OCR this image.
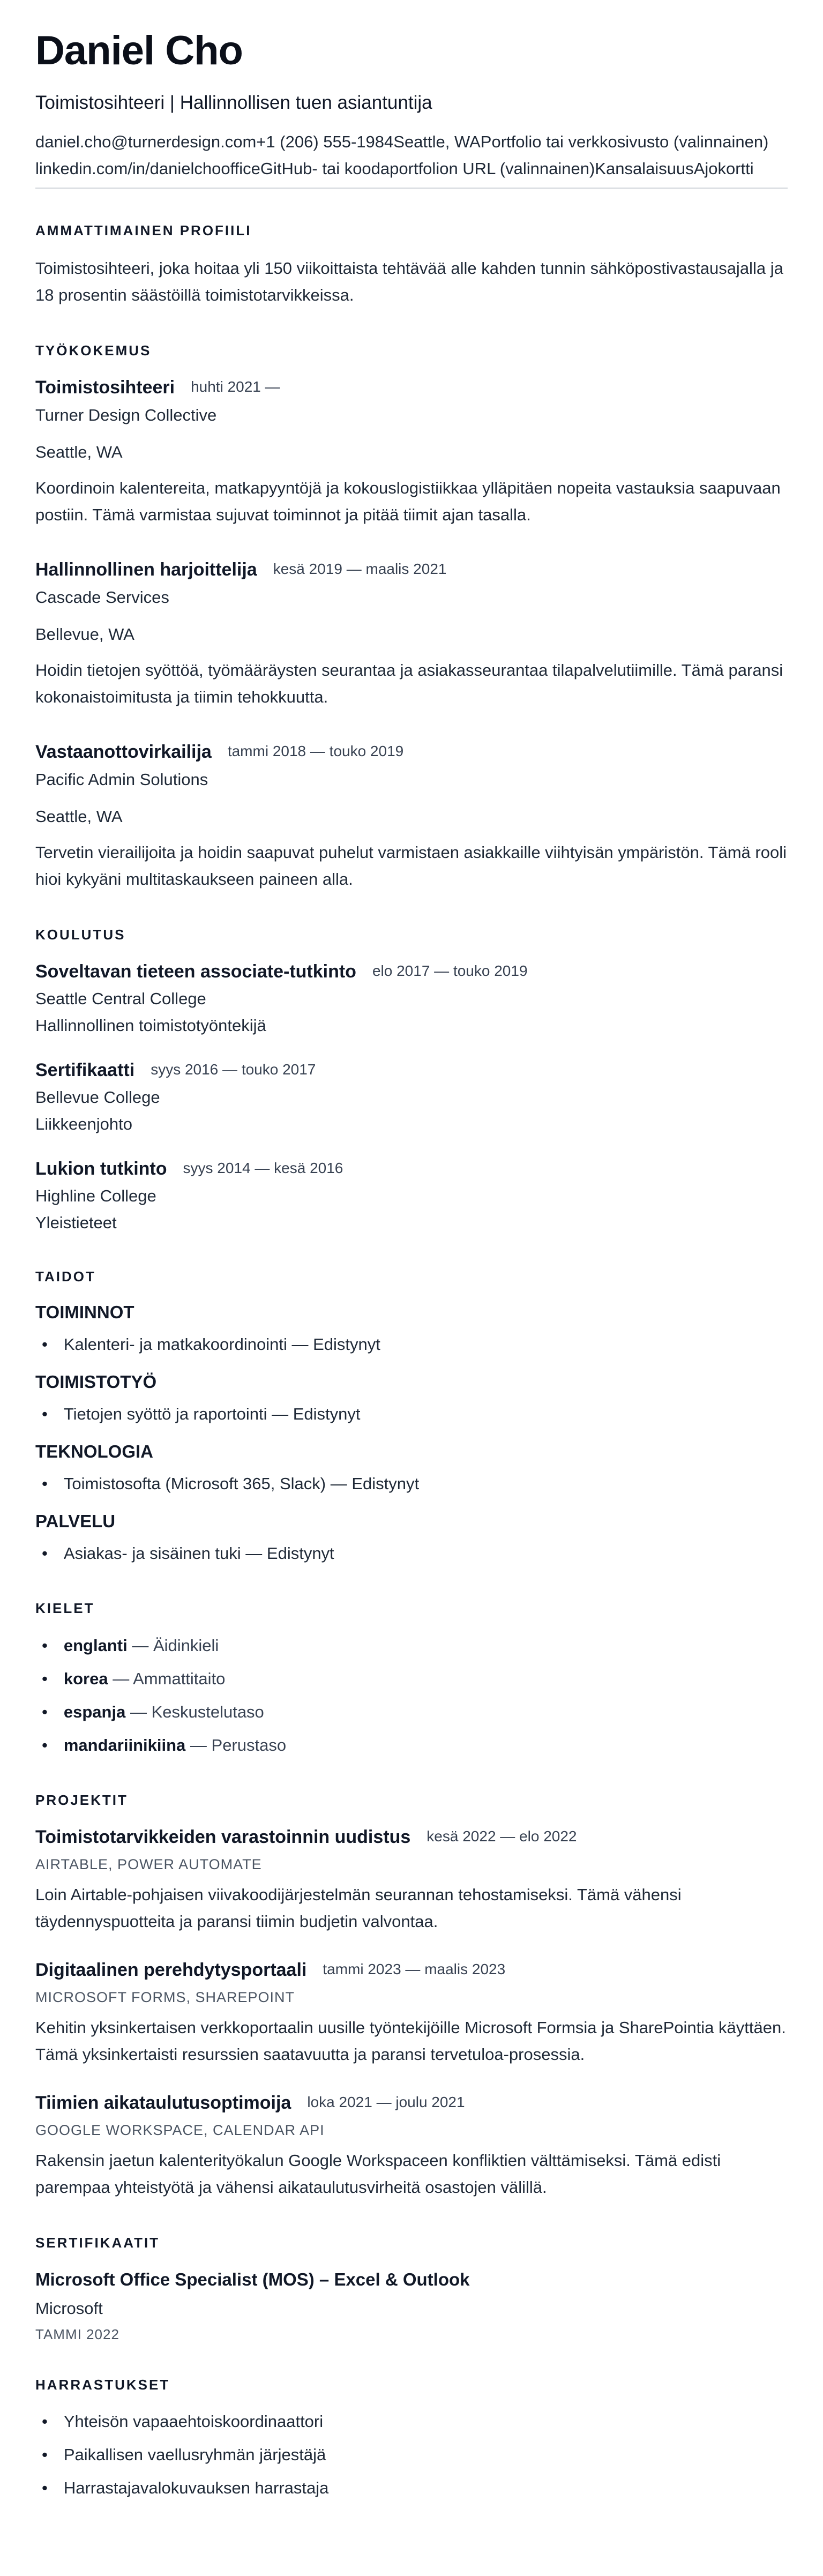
Daniel Cho
Toimistosihteeri | Hallinnollisen tuen asiantuntija
daniel.cho@turnerdesign.com+1 (206) 555-1984Seattle, WAPortfolio tai verkkosivusto (valinnainen)
linkedin.com/in/danielchoofficeGitHub- tai koodaportfolion URL (valinnainen)KansalaisuusAjokortti
AMMATTIMAINEN PROFIILI

Toimistosihteeri, joka hoitaa yli 150 viikoittaista tehtävää alle kahden tunnin sähköpostivastausajalla ja 18 prosentin säästöillä toimistotarvikkeissa.

TYÖKOKEMUS
Toimistosihteeri huhti 2021 —
Turner Design Collective
Seattle, WA

Koordinoin kalentereita, matkapyyntöjä ja kokouslogistiikkaa ylläpitäen nopeita vastauksia saapuvaan postiin. Tämä varmistaa sujuvat toiminnot ja pitää tiimit ajan tasalla.

Hallinnollinen harjoittelija kesä 2019 — maalis 2021
Cascade Services
Bellevue, WA

Hoidin tietojen syöttöä, työmääräysten seurantaa ja asiakasseurantaa tilapalvelutiimille. Tämä paransi kokonaistoimitusta ja tiimin tehokkuutta.

Vastaanottovirkailija tammi 2018 — touko 2019
Pacific Admin Solutions
Seattle, WA

Tervetin vierailijoita ja hoidin saapuvat puhelut varmistaen asiakkaille viihtyisän ympäristön. Tämä rooli hioi kykyäni multitaskaukseen paineen alla.

KOULUTUS
Soveltavan tieteen associate-tutkinto elo 2017 — touko 2019
Seattle Central College
Hallinnollinen toimistotyöntekijä
Sertifikaatti syys 2016 — touko 2017
Bellevue College
Liikkeenjohto
Lukion tutkinto syys 2014 — kesä 2016
Highline College
Yleistieteet
TAIDOT
TOIMINNOT
• Kalenteri- ja matkakoordinointi — Edistynyt
TOIMISTOTYÖ
• Tietojen syöttö ja raportointi — Edistynyt
TEKNOLOGIA
• Toimistosofta (Microsoft 365, Slack) — Edistynyt
PALVELU
• Asiakas- ja sisäinen tuki — Edistynyt
KIELET
• englanti — Äidinkieli
• korea — Ammattitaito
• espanja — Keskustelutaso
• mandariinikiina — Perustaso
PROJEKTIT
Toimistotarvikkeiden varastoinnin uudistus kesä 2022 — elo 2022
AIRTABLE, POWER AUTOMATE

Loin Airtable-pohjaisen viivakoodijärjestelmän seurannan tehostamiseksi. Tämä vähensi täydennyspuotteita ja paransi tiimin budjetin valvontaa.

Digitaalinen perehdytysportaali tammi 2023 — maalis 2023
MICROSOFT FORMS, SHAREPOINT

Kehitin yksinkertaisen verkkoportaalin uusille työntekijöille Microsoft Formsia ja SharePointia käyttäen. Tämä yksinkertaisti resurssien saatavuutta ja paransi tervetuloa-prosessia.

Tiimien aikataulutusoptimoija loka 2021 — joulu 2021
GOOGLE WORKSPACE, CALENDAR API

Rakensin jaetun kalenterityökalun Google Workspaceen konfliktien välttämiseksi. Tämä edisti parempaa yhteistyötä ja vähensi aikataulutusvirheitä osastojen välillä.

SERTIFIKAATIT
Microsoft Office Specialist (MOS) – Excel & Outlook
Microsoft
TAMMI 2022
HARRASTUKSET
• Yhteisön vapaaehtoiskoordinaattori
• Paikallisen vaellusryhmän järjestäjä
• Harrastajavalokuvauksen harrastaja
